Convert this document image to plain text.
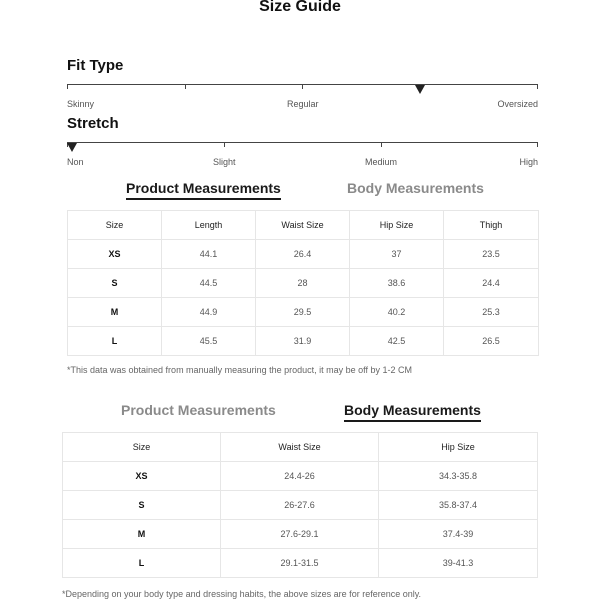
Size Guide
Fit Type
Skinny	Regular	Oversized
Stretch
Non	Slight	Medium	High
Product Measurements	Body Measurements
Size	Length	Waist Size	Hip Size	Thigh
XS	44.1	26.4	37	23.5
S	44.5	28	38.6	24.4
M	44.9	29.5	40.2	25.3
L	45.5	31.9	42.5	26.5
*This data was obtained from manually measuring the product, it may be off by 1-2 CM
Product Measurements	Body Measurements
Size	Waist Size	Hip Size
XS	24.4-26	34.3-35.8
S	26-27.6	35.8-37.4
M	27.6-29.1	37.4-39
L	29.1-31.5	39-41.3
*Depending on your body type and dressing habits, the above sizes are for reference only.
